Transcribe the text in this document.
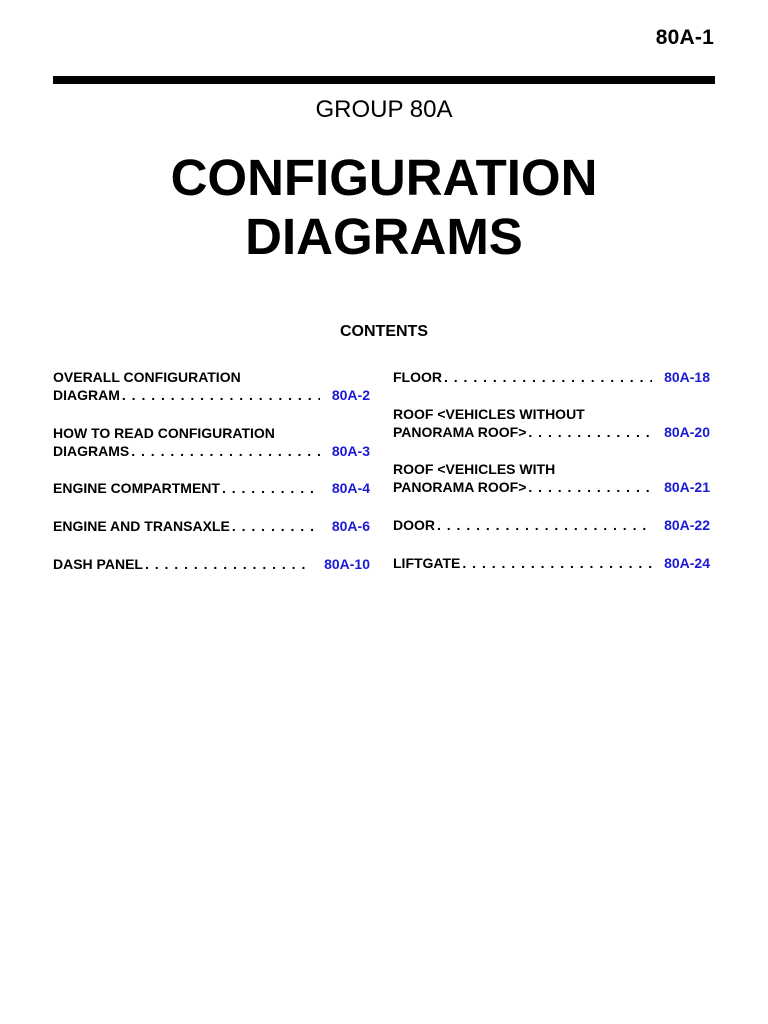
80A-1
GROUP 80A
CONFIGURATION
DIAGRAMS
CONTENTS
OVERALL CONFIGURATION
DIAGRAM . . .	80A-2
HOW TO READ CONFIGURATION
DIAGRAMS . . .	80A-3
ENGINE COMPARTMENT . . .	80A-4
ENGINE AND TRANSAXLE . . .	80A-6
DASH PANEL . . .	80A-10
FLOOR . . .	80A-18
ROOF <VEHICLES WITHOUT
PANORAMA ROOF> . . .	80A-20
ROOF <VEHICLES WITH
PANORAMA ROOF> . . .	80A-21
DOOR . . .	80A-22
LIFTGATE . . .	80A-24
